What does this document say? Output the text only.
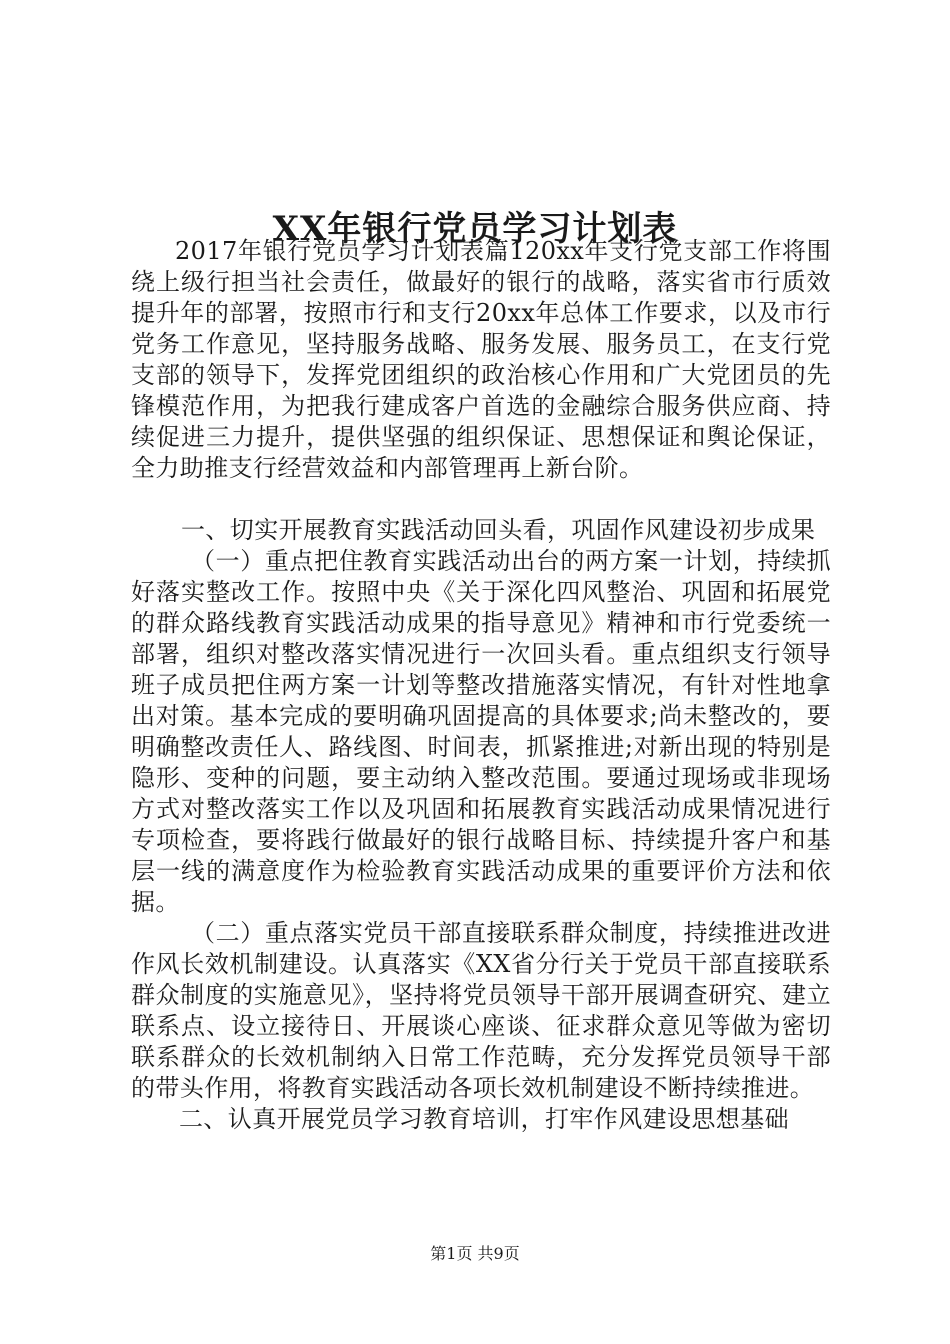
XX年银行党员学习计划表

2017年银行党员学习计划表篇120xx年支行党支部工作将围绕上级行担当社会责任，做最好的银行的战略，落实省市行质效提升年的部署，按照市行和支行20xx年总体工作要求，以及市行党务工作意见，坚持服务战略、服务发展、服务员工，在支行党支部的领导下，发挥党团组织的政治核心作用和广大党团员的先锋模范作用，为把我行建成客户首选的金融综合服务供应商、持续促进三力提升，提供坚强的组织保证、思想保证和舆论保证，全力助推支行经营效益和内部管理再上新台阶。

一、切实开展教育实践活动回头看，巩固作风建设初步成果

（一）重点把住教育实践活动出台的两方案一计划，持续抓好落实整改工作。按照中央《关于深化四风整治、巩固和拓展党的群众路线教育实践活动成果的指导意见》精神和市行党委统一部署，组织对整改落实情况进行一次回头看。重点组织支行领导班子成员把住两方案一计划等整改措施落实情况，有针对性地拿出对策。基本完成的要明确巩固提高的具体要求;尚未整改的，要明确整改责任人、路线图、时间表，抓紧推进;对新出现的特别是隐形、变种的问题，要主动纳入整改范围。要通过现场或非现场方式对整改落实工作以及巩固和拓展教育实践活动成果情况进行专项检查，要将践行做最好的银行战略目标、持续提升客户和基层一线的满意度作为检验教育实践活动成果的重要评价方法和依据。

（二）重点落实党员干部直接联系群众制度，持续推进改进作风长效机制建设。认真落实《XX省分行关于党员干部直接联系群众制度的实施意见》，坚持将党员领导干部开展调查研究、建立联系点、设立接待日、开展谈心座谈、征求群众意见等做为密切联系群众的长效机制纳入日常工作范畴，充分发挥党员领导干部的带头作用，将教育实践活动各项长效机制建设不断持续推进。

二、认真开展党员学习教育培训，打牢作风建设思想基础

第1页 共9页
